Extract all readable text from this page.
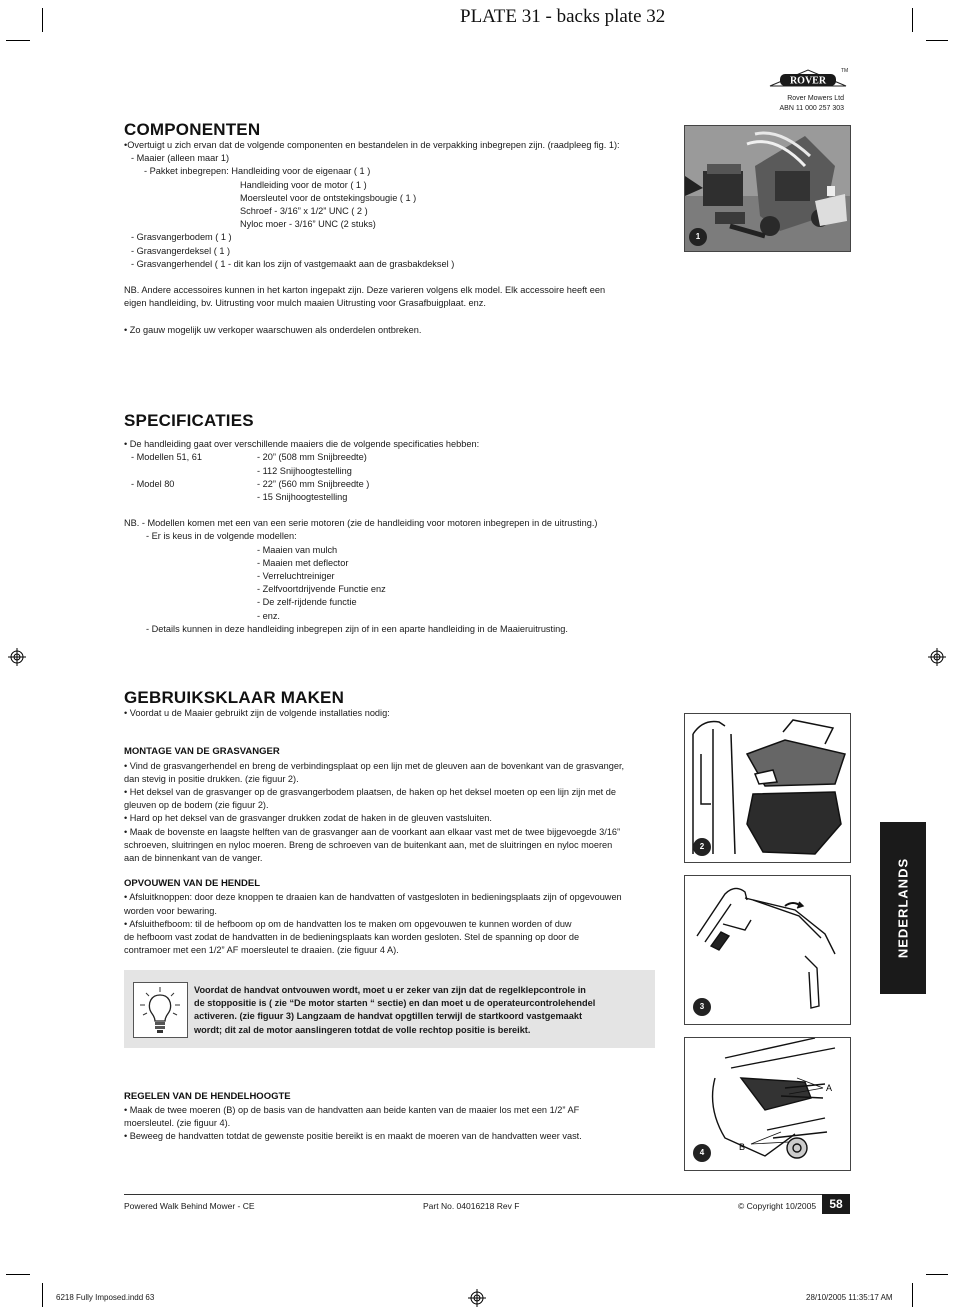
PLATE 31 - backs plate 32
ROVER
TM
Rover Mowers Ltd
ABN 11 000 257 303
COMPONENTEN
•Overtuigt u zich ervan dat de volgende componenten en bestandelen in de verpakking inbegrepen zijn. (raadpleeg fig. 1):
- Maaier (alleen maar 1)
- Pakket inbegrepen: Handleiding voor de eigenaar ( 1 )
Handleiding voor de motor ( 1 )
Moersleutel voor de ontstekingsbougie ( 1 )
Schroef - 3/16” x 1/2” UNC ( 2 )
Nyloc moer - 3/16” UNC (2 stuks)
- Grasvangerbodem ( 1 )
- Grasvangerdeksel ( 1 )
- Grasvangerhendel ( 1 - dit kan los zijn of vastgemaakt aan de grasbakdeksel )
NB. Andere accessoires kunnen in het karton ingepakt zijn. Deze varieren volgens elk model. Elk accessoire heeft een
eigen handleiding, bv. Uitrusting voor mulch maaien Uitrusting voor Grasafbuigplaat. enz.
• Zo gauw mogelijk uw verkoper waarschuwen als onderdelen ontbreken.
1
SPECIFICATIES
• De handleiding gaat over verschillende maaiers die de volgende specificaties hebben:
- Modellen 51, 61	- 20” (508 mm Snijbreedte)
- 112 Snijhoogtestelling
- Model 80	- 22” (560 mm Snijbreedte )
- 15 Snijhoogtestelling
NB. - Modellen komen met een van een serie motoren (zie de handleiding voor motoren inbegrepen in de uitrusting.)
- Er is keus in de volgende modellen:
- Maaien van mulch
- Maaien met deflector
- Verreluchtreiniger
- Zelfvoortdrijvende Functie enz
- De zelf-rijdende functie
- enz.
- Details kunnen in deze handleiding inbegrepen zijn of in een aparte handleiding in de Maaieruitrusting.
GEBRUIKSKLAAR MAKEN
• Voordat u de Maaier gebruikt zijn de volgende installaties nodig:
MONTAGE VAN DE GRASVANGER
• Vind de grasvangerhendel en breng de verbindingsplaat op een lijn met de gleuven aan de bovenkant van de grasvanger,
dan stevig in positie drukken. (zie figuur 2).
• Het deksel van de grasvanger op de grasvangerbodem plaatsen, de haken op het deksel moeten op een lijn zijn met de
gleuven op de bodem (zie figuur 2).
• Hard op het deksel van de grasvanger drukken zodat de haken in de gleuven vastsluiten.
• Maak de bovenste en laagste helften van de grasvanger aan de voorkant aan elkaar vast met de twee bijgevoegde 3/16”
schroeven, sluitringen en nyloc moeren. Breng de schroeven van de buitenkant aan, met de sluitringen en nyloc moeren
aan de binnenkant van de vanger.
OPVOUWEN VAN DE HENDEL
• Afsluitknoppen: door deze knoppen te draaien kan de handvatten of vastgesloten in bedieningsplaats zijn of opgevouwen
worden voor bewaring.
• Afsluithefboom: til de hefboom op om de handvatten los te maken om opgevouwen te kunnen worden of duw
de hefboom vast zodat de handvatten in de bedieningsplaats kan worden gesloten. Stel de spanning op door de
contramoer met een 1/2” AF moersleutel te draaien. (zie figuur 4 A).
Voordat de handvat ontvouwen wordt, moet u er zeker van zijn dat de regelklepcontrole in
de stoppositie is ( zie “De motor starten “ sectie) en dan moet u de operateurcontrolehendel
activeren. (zie figuur 3) Langzaam de handvat opgtillen terwijl de startkoord vastgemaakt
wordt; dit zal de motor aanslingeren totdat de volle rechtop positie is bereikt.
REGELEN VAN DE HENDELHOOGTE
• Maak de twee moeren (B) op de basis van de handvatten aan beide kanten van de maaier los met een 1/2” AF
moersleutel. (zie figuur 4).
• Beweeg de handvatten totdat de gewenste positie bereikt is en maakt de moeren van de handvatten weer vast.
2
3
A
B
4
NEDERLANDS
Powered Walk Behind Mower - CE	Part No. 04016218 Rev F	© Copyright 10/2005	58
6218 Fully Imposed.indd 63	28/10/2005 11:35:17 AM
